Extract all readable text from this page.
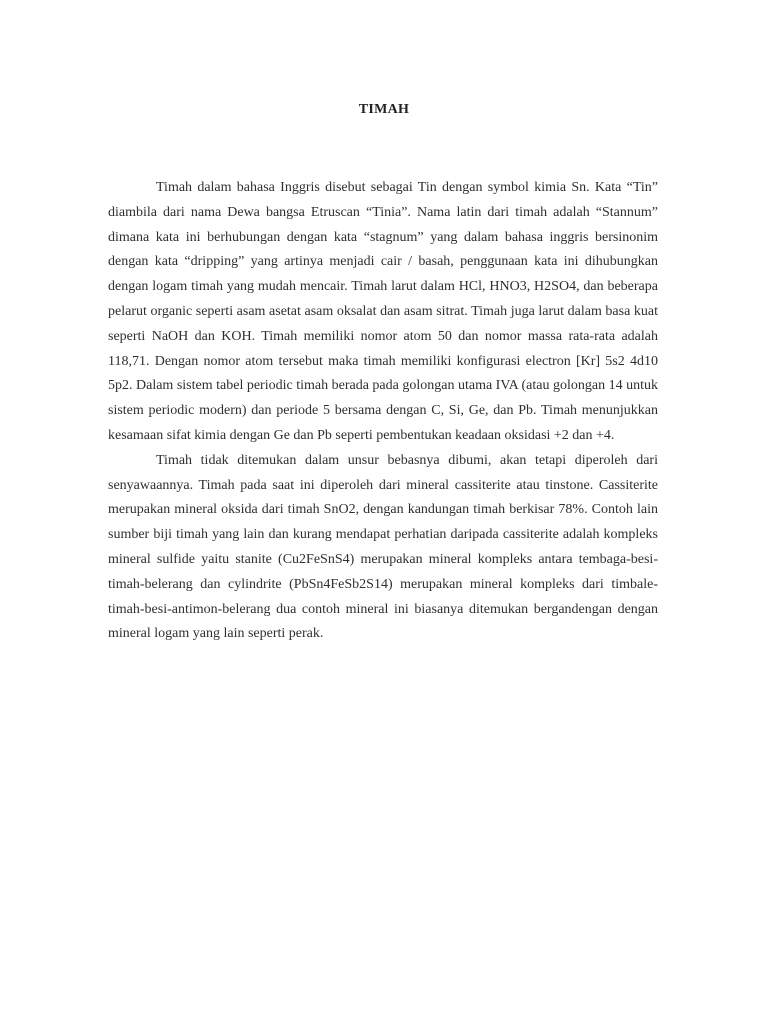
TIMAH

Timah dalam bahasa Inggris disebut sebagai Tin dengan symbol kimia Sn. Kata “Tin” diambila dari nama Dewa bangsa Etruscan “Tinia”. Nama latin dari timah adalah “Stannum” dimana kata ini berhubungan dengan kata “stagnum” yang dalam bahasa inggris bersinonim dengan kata “dripping” yang artinya menjadi cair / basah, penggunaan kata ini dihubungkan dengan logam timah yang mudah mencair. Timah larut dalam HCl, HNO3, H2SO4, dan beberapa pelarut organic seperti asam asetat asam oksalat dan asam sitrat. Timah juga larut dalam basa kuat seperti NaOH dan KOH. Timah memiliki nomor atom 50 dan nomor massa rata-rata adalah 118,71. Dengan nomor atom tersebut maka timah memiliki konfigurasi electron [Kr] 5s2 4d10 5p2. Dalam sistem tabel periodic timah berada pada golongan utama IVA (atau golongan 14 untuk sistem periodic modern) dan periode 5 bersama dengan C, Si, Ge, dan Pb. Timah menunjukkan kesamaan sifat kimia dengan Ge dan Pb seperti pembentukan keadaan oksidasi +2 dan +4.

Timah tidak ditemukan dalam unsur bebasnya dibumi, akan tetapi diperoleh dari senyawaannya. Timah pada saat ini diperoleh dari mineral cassiterite atau tinstone. Cassiterite merupakan mineral oksida dari timah SnO2, dengan kandungan timah berkisar 78%. Contoh lain sumber biji timah yang lain dan kurang mendapat perhatian daripada cassiterite adalah kompleks mineral sulfide yaitu stanite (Cu2FeSnS4) merupakan mineral kompleks antara tembaga-besi-timah-belerang dan cylindrite (PbSn4FeSb2S14) merupakan mineral kompleks dari timbale-timah-besi-antimon-belerang dua contoh mineral ini biasanya ditemukan bergandengan dengan mineral logam yang lain seperti perak.
